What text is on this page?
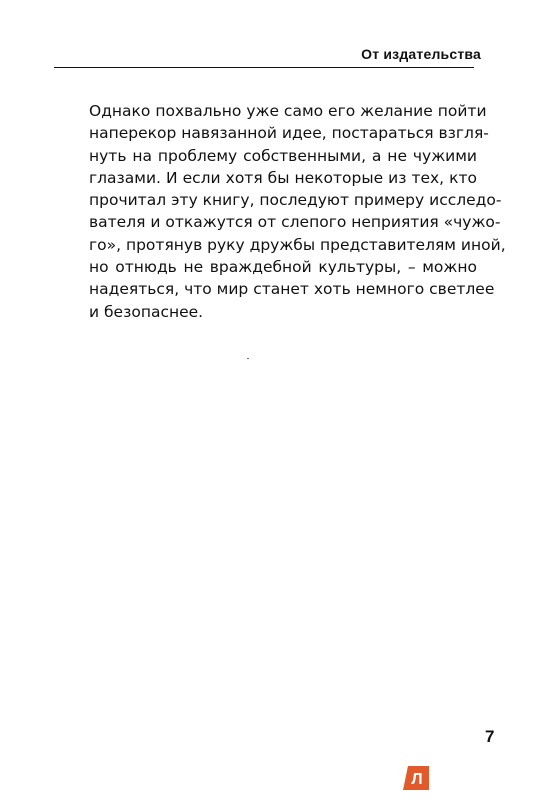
От издательства
Однако похвально уже само его желание пойти
наперекор навязанной идее, постараться взгля-
нуть на проблему собственными, а не чужими
глазами. И если хотя бы некоторые из тех, кто
прочитал эту книгу, последуют примеру исследо-
вателя и откажутся от слепого неприятия «чужо-
го», протянув руку дружбы представителям иной,
но отнюдь не враждебной культуры, – можно
надеяться, что мир станет хоть немного светлее
и безопаснее.
7
Л
